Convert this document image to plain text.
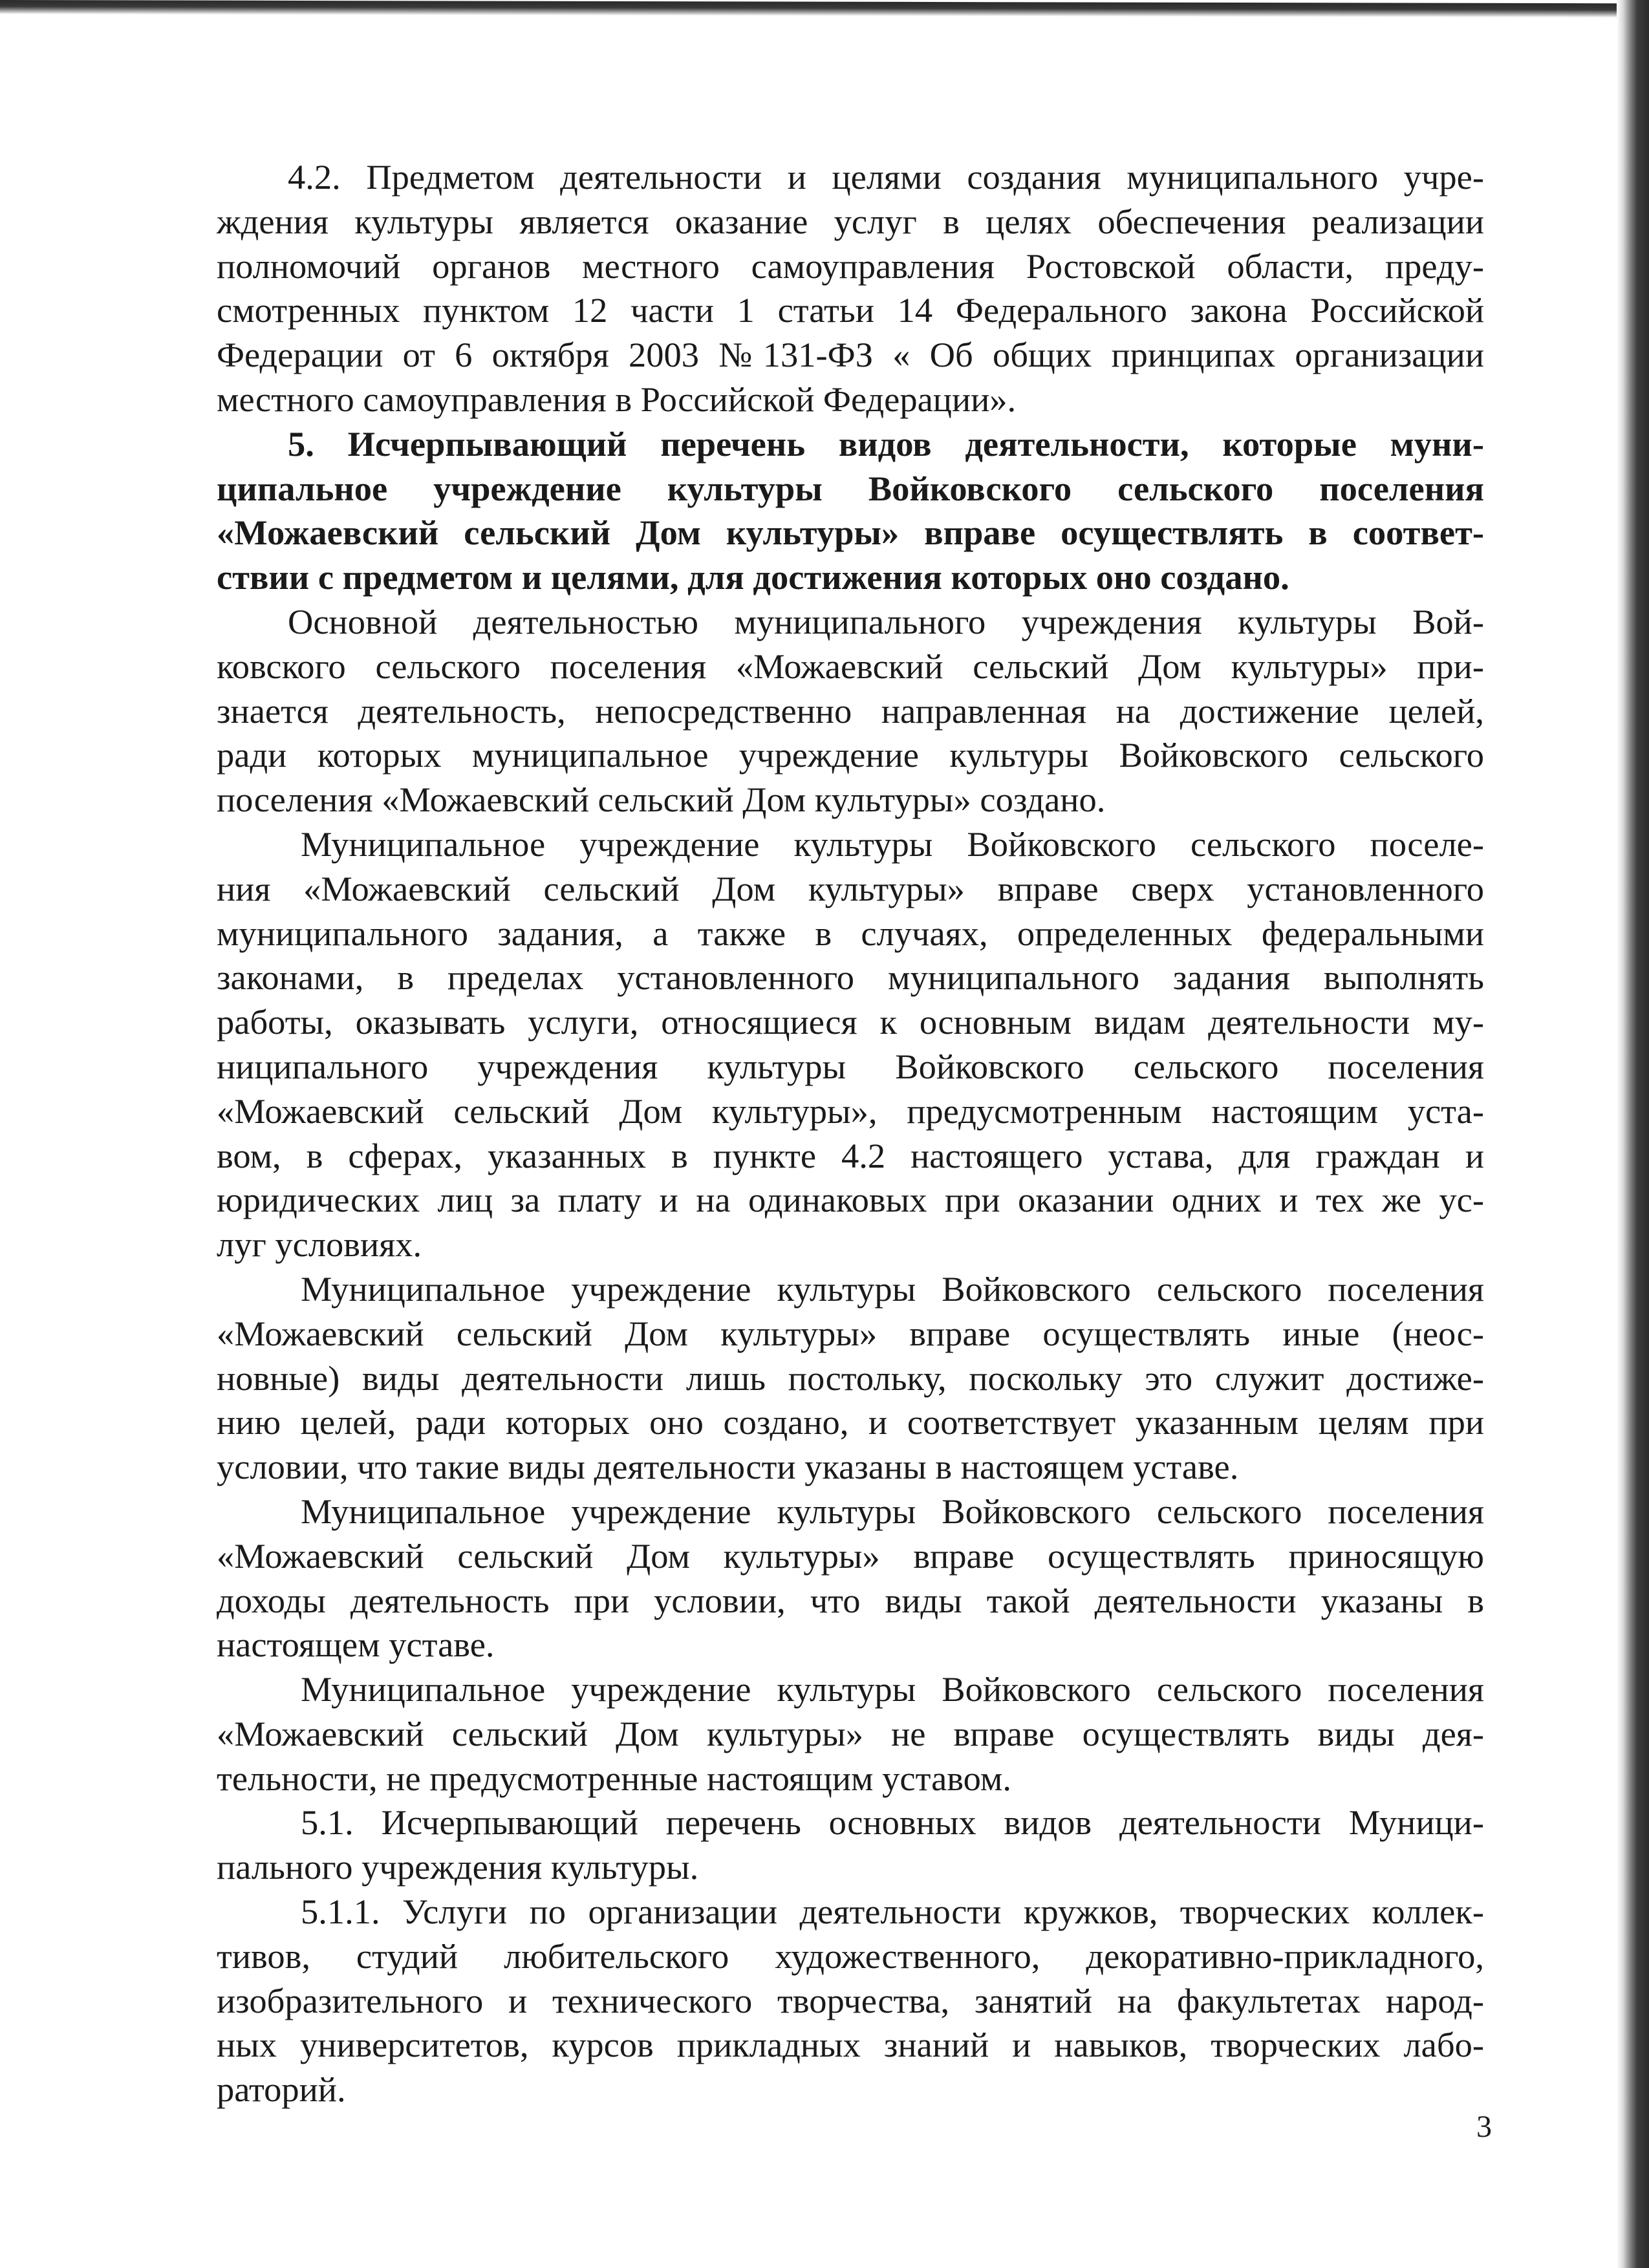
4.2. Предметом деятельности и целями создания муниципального учре-

ждения культуры является оказание услуг в целях обеспечения реализации

полномочий органов местного самоуправления Ростовской области, преду-

смотренных пунктом 12 части 1 статьи 14 Федерального закона Российской

Федерации от 6 октября 2003 №131-ФЗ « Об общих принципах организации

местного самоуправления в Российской Федерации».

5. Исчерпывающий перечень видов деятельности, которые муни-

ципальное учреждение культуры Войковского сельского поселения

«Можаевский сельский Дом культуры» вправе осуществлять в соответ-

ствии с предметом и целями, для достижения которых оно создано.

Основной деятельностью муниципального учреждения культуры Вой-

ковского сельского поселения «Можаевский сельский Дом культуры» при-

знается деятельность, непосредственно направленная на достижение целей,

ради которых муниципальное учреждение культуры Войковского сельского

поселения «Можаевский сельский Дом культуры» создано.

Муниципальное учреждение культуры Войковского сельского поселе-

ния «Можаевский сельский Дом культуры» вправе сверх установленного

муниципального задания, а также в случаях, определенных федеральными

законами, в пределах установленного муниципального задания выполнять

работы, оказывать услуги, относящиеся к основным видам деятельности му-

ниципального учреждения культуры Войковского сельского поселения

«Можаевский сельский Дом культуры», предусмотренным настоящим уста-

вом, в сферах, указанных в пункте 4.2 настоящего устава, для граждан и

юридических лиц за плату и на одинаковых при оказании одних и тех же ус-

луг условиях.

Муниципальное учреждение культуры Войковского сельского поселения

«Можаевский сельский Дом культуры» вправе осуществлять иные (неос-

новные) виды деятельности лишь постольку, поскольку это служит достиже-

нию целей, ради которых оно создано, и соответствует указанным целям при

условии, что такие виды деятельности указаны в настоящем уставе.

Муниципальное учреждение культуры Войковского сельского поселения

«Можаевский сельский Дом культуры» вправе осуществлять приносящую

доходы деятельность при условии, что виды такой деятельности указаны в

настоящем уставе.

Муниципальное учреждение культуры Войковского сельского поселения

«Можаевский сельский Дом культуры» не вправе осуществлять виды дея-

тельности, не предусмотренные настоящим уставом.

5.1. Исчерпывающий перечень основных видов деятельности Муници-

пального учреждения культуры.

5.1.1. Услуги по организации деятельности кружков, творческих коллек-

тивов, студий любительского художественного, декоративно-прикладного,

изобразительного и технического творчества, занятий на факультетах народ-

ных университетов, курсов прикладных знаний и навыков, творческих лабо-

раторий.

3
